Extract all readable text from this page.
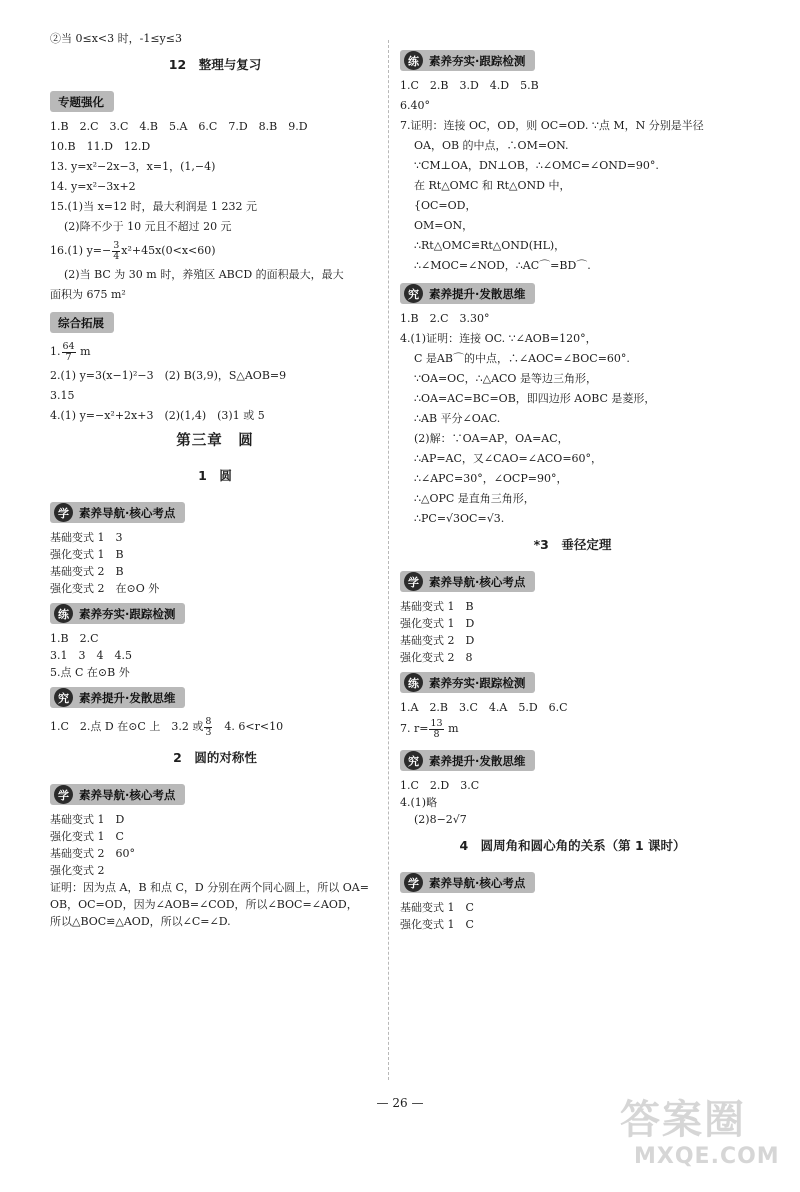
②当 0≤x<3 时，-1≤y≤3
12　整理与复习
专题强化
1.B　2.C　3.C　4.B　5.A　6.C　7.D　8.B　9.D
10.B　11.D　12.D
13. y=x²−2x−3，x=1，(1,−4)
14. y=x²−3x+2
15.(1)当 x=12 时，最大利润是 1 232 元
(2)降不少于 10 元且不超过 20 元
16.(1) $y=- \frac{3}{4} x^2+45x(0<x<60)$
(2)当 BC 为 30 m 时，养殖区 ABCD 的面积最大，最大
面积为 675 m²
综合拓展
1. $\frac{64}{7}$ m
2.(1) y=3(x−1)²−3　(2) B(3,9)，S△AOB=9
3.15
4.(1) y=−x²+2x+3　(2)(1,4)　(3)1 或 5
第三章　圆
1　圆
学 素养导航·核心考点
基础变式 1　3
强化变式 1　B
基础变式 2　B
强化变式 2　在⊙O 外
练 素养夯实·跟踪检测
1.B　2.C
3.1　3　4　4.5
5.点 C 在⊙B 外
究 素养提升·发散思维
1.C　2.点 D 在⊙C 上　3.2 或 $\frac{8}{3}$
　 4. 6<r<10
2　圆的对称性
学 素养导航·核心考点
基础变式 1　D
强化变式 1　C
基础变式 2　60°
强化变式 2
证明：因为点 A，B 和点 C，D 分别在两个同心圆上，所以 OA=
OB，OC=OD，因为∠AOB=∠COD，所以∠BOC=∠AOD，
所以△BOC≌△AOD，所以∠C=∠D.
练 素养夯实·跟踪检测
1.C　2.B　3.D　4.D　5.B
6.40°
7.证明：连接 OC，OD，则 OC=OD. ∵点 M，N 分别是半径
OA，OB 的中点，∴OM=ON.
∵CM⊥OA，DN⊥OB，∴∠OMC=∠OND=90°.
在 Rt△OMC 和 Rt△OND 中，
{OC=OD，
OM=ON，
∴Rt△OMC≌Rt△OND(HL)，
∴∠MOC=∠NOD，∴AC⌒=BD⌒.
究 素养提升·发散思维
1.B　2.C　3.30°
4.(1)证明：连接 OC. ∵∠AOB=120°，
C 是AB⌒的中点，∴∠AOC=∠BOC=60°.
∵OA=OC，∴△ACO 是等边三角形，
∴OA=AC=BC=OB，即四边形 AOBC 是菱形，
∴AB 平分∠OAC.
(2)解：∵OA=AP，OA=AC，
∴AP=AC，又∠CAO=∠ACO=60°，
∴∠APC=30°，∠OCP=90°，
∴△OPC 是直角三角形，
∴PC=√3OC=√3.
*3　垂径定理
学 素养导航·核心考点
基础变式 1　B
强化变式 1　D
基础变式 2　D
强化变式 2　8
练 素养夯实·跟踪检测
1.A　2.B　3.C　4.A　5.D　6.C
7. $r= \frac{13}{8}$ m
究 素养提升·发散思维
1.C　2.D　3.C
4.(1)略
(2)8−2√7
4　圆周角和圆心角的关系（第 1 课时）
学 素养导航·核心考点
基础变式 1　C
强化变式 1　C
— 26 —	答案圈
MXQE.COM
